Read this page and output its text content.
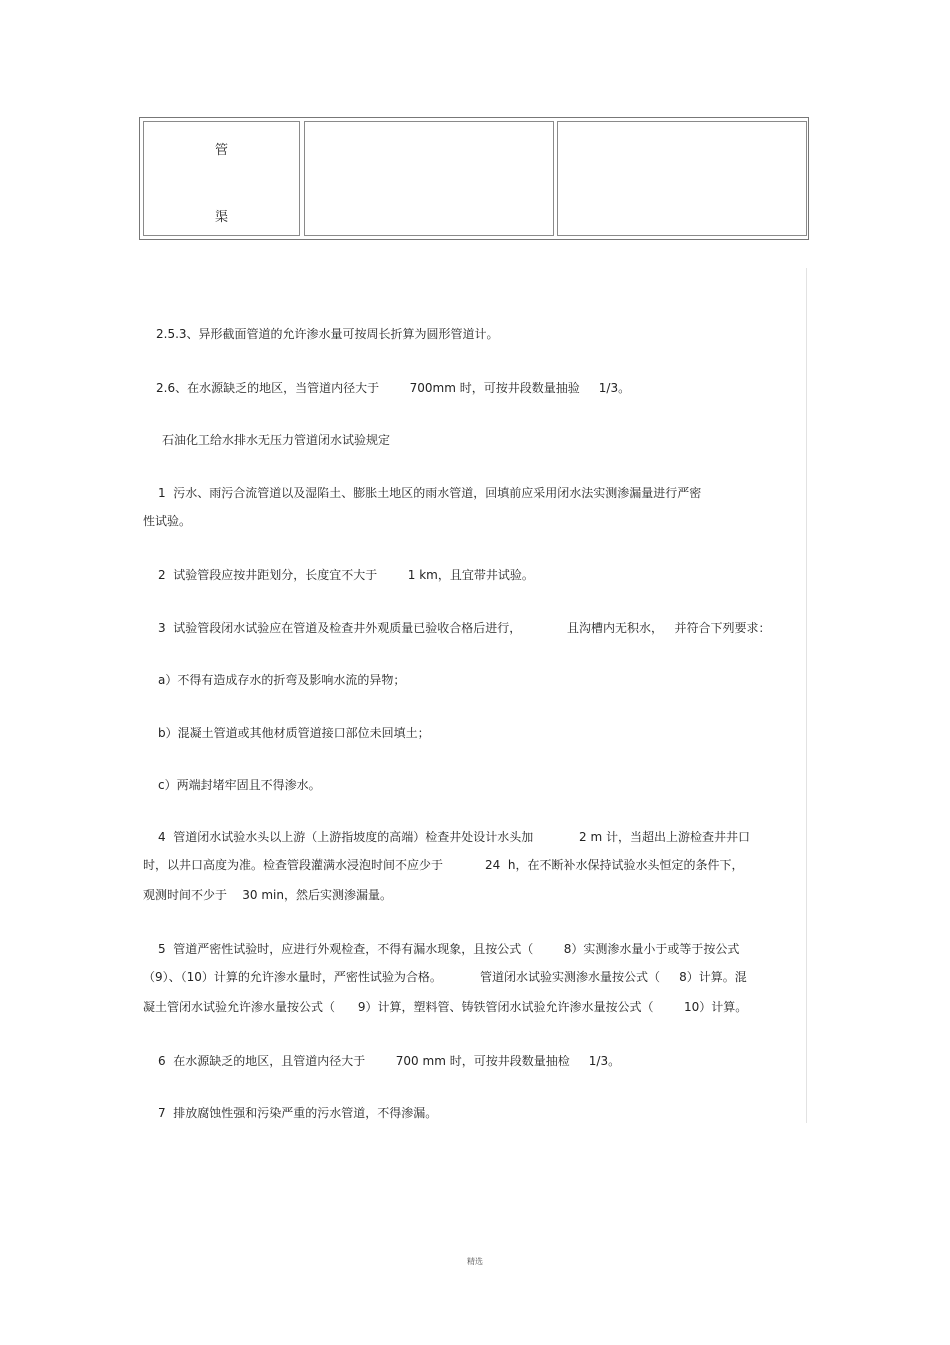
管
渠
2.5.3、异形截面管道的允许渗水量可按周长折算为圆形管道计。
2.6、在水源缺乏的地区，当管道内径大于        700mm 时，可按井段数量抽验     1/3。
石油化工给水排水无压力管道闭水试验规定
1  污水、雨污合流管道以及湿陷土、膨胀土地区的雨水管道，回填前应采用闭水法实测渗漏量进行严密
性试验。
2  试验管段应按井距划分，长度宜不大于        1 km，且宜带井试验。
3  试验管段闭水试验应在管道及检查井外观质量已验收合格后进行，            且沟槽内无积水，   并符合下列要求：
a）不得有造成存水的折弯及影响水流的异物；
b）混凝土管道或其他材质管道接口部位未回填土；
c）两端封堵牢固且不得渗水。
4  管道闭水试验水头以上游（上游指坡度的高端）检查井处设计水头加            2 m 计，当超出上游检查井井口
时，以井口高度为准。检查管段灌满水浸泡时间不应少于           24  h，在不断补水保持试验水头恒定的条件下，
观测时间不少于    30 min，然后实测渗漏量。
5  管道严密性试验时，应进行外观检查，不得有漏水现象，且按公式（        8）实测渗水量小于或等于按公式
（9）、（10）计算的允许渗水量时，严密性试验为合格。          管道闭水试验实测渗水量按公式（     8）计算。混
凝土管闭水试验允许渗水量按公式（      9）计算，塑料管、铸铁管闭水试验允许渗水量按公式（        10）计算。
6  在水源缺乏的地区，且管道内径大于        700 mm 时，可按井段数量抽检     1/3。
7  排放腐蚀性强和污染严重的污水管道，不得渗漏。
精选
